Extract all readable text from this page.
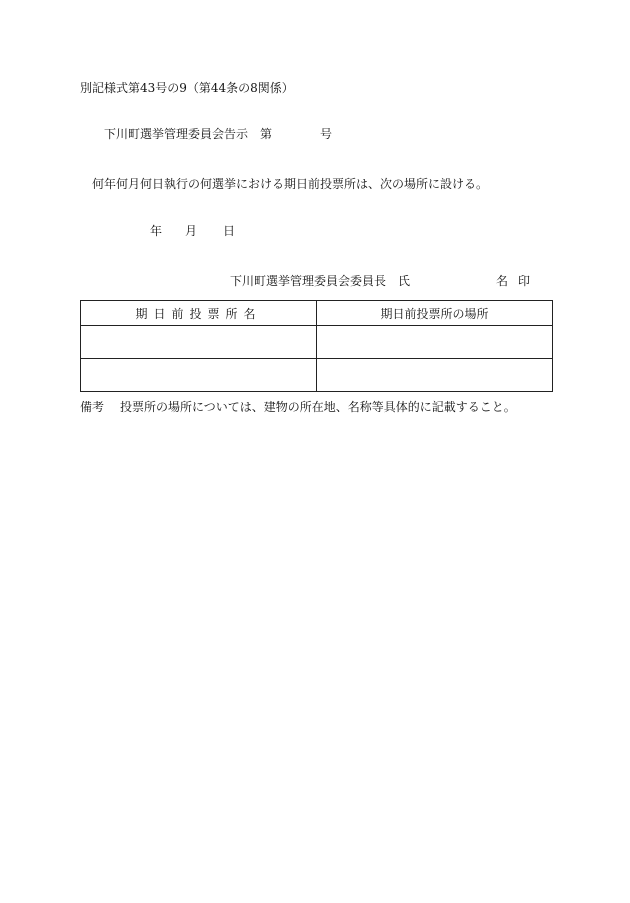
別記様式第43号の9（第44条の8関係）
下川町選挙管理委員会告示　第	号
何年何月何日執行の何選挙における期日前投票所は、次の場所に設ける。
年 月 日
下川町選挙管理委員会委員長　氏	名 印
期日前投票所名	期日前投票所の場所

備考 投票所の場所については、建物の所在地、名称等具体的に記載すること。
